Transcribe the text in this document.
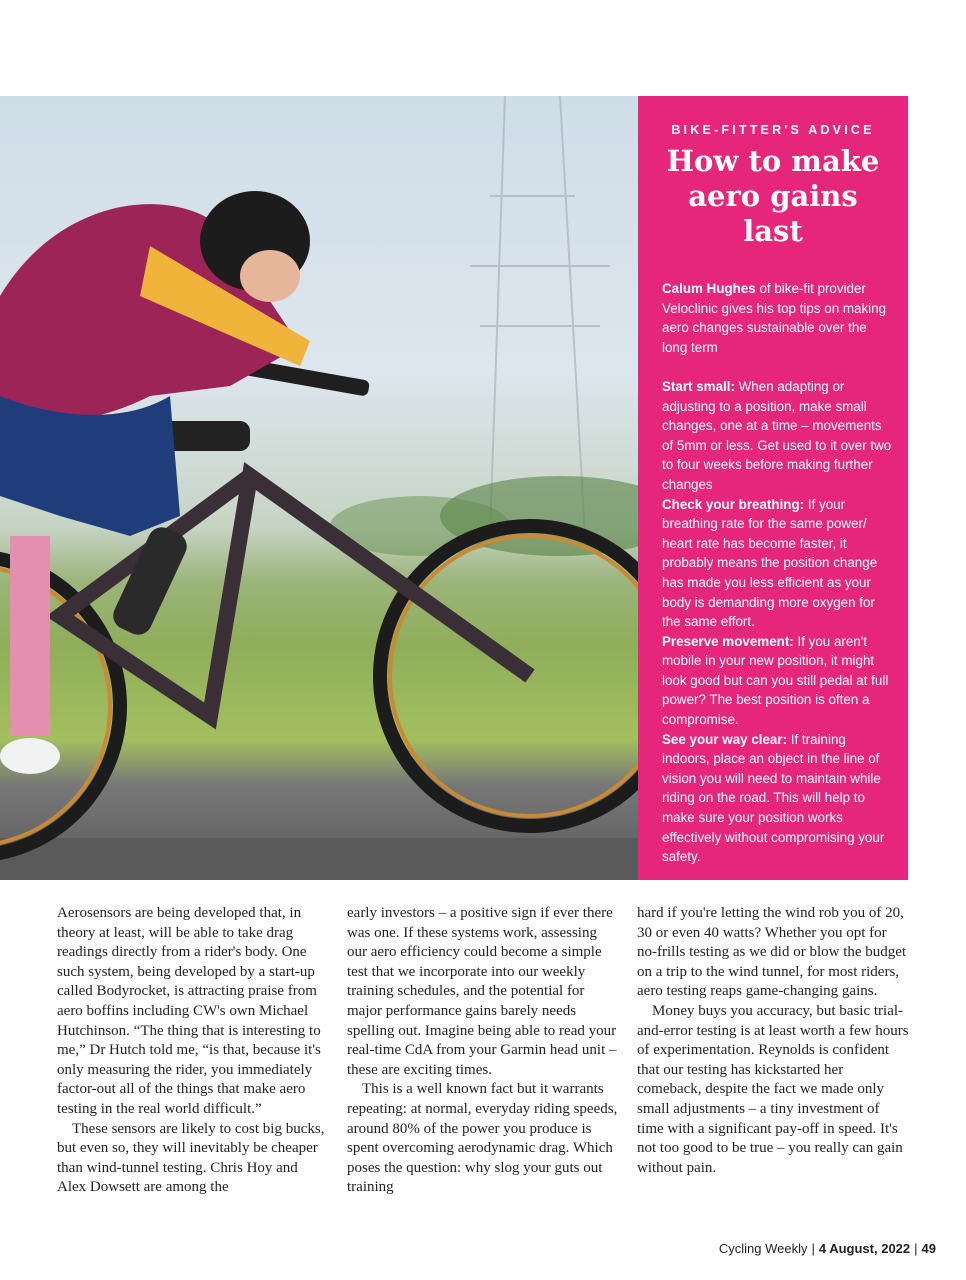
BIKE-FITTER'S ADVICE
How to make
aero gains
last

Calum Hughes of bike-fit provider Veloclinic gives his top tips on making aero changes sustainable over the long term

Start small: When adapting or adjusting to a position, make small changes, one at a time – movements of 5mm or less. Get used to it over two to four weeks before making further changes

Check your breathing: If your breathing rate for the same power/ heart rate has become faster, it probably means the position change has made you less efficient as your body is demanding more oxygen for the same effort.

Preserve movement: If you aren't mobile in your new position, it might look good but can you still pedal at full power? The best position is often a compromise.

See your way clear: If training indoors, place an object in the line of vision you will need to maintain while riding on the road. This will help to make sure your position works effectively without compromising your safety.

Aerosensors are being developed that, in theory at least, will be able to take drag readings directly from a rider's body. One such system, being developed by a start-up called Bodyrocket, is attracting praise from aero boffins including CW's own Michael Hutchinson. “The thing that is interesting to me,” Dr Hutch told me, “is that, because it's only measuring the rider, you immediately factor-out all of the things that make aero testing in the real world difficult.”

These sensors are likely to cost big bucks, but even so, they will inevitably be cheaper than wind-tunnel testing. Chris Hoy and Alex Dowsett are among the

early investors – a positive sign if ever there was one. If these systems work, assessing our aero efficiency could become a simple test that we incorporate into our weekly training schedules, and the potential for major performance gains barely needs spelling out. Imagine being able to read your real-time CdA from your Garmin head unit – these are exciting times.

This is a well known fact but it warrants repeating: at normal, everyday riding speeds, around 80% of the power you produce is spent overcoming aerodynamic drag. Which poses the question: why slog your guts out training

hard if you're letting the wind rob you of 20, 30 or even 40 watts? Whether you opt for no-frills testing as we did or blow the budget on a trip to the wind tunnel, for most riders, aero testing reaps game-changing gains.

Money buys you accuracy, but basic trial-and-error testing is at least worth a few hours of experimentation. Reynolds is confident that our testing has kickstarted her comeback, despite the fact we made only small adjustments – a tiny investment of time with a significant pay-off in speed. It's not too good to be true – you really can gain without pain.

Cycling Weekly | 4 August, 2022 | 49
